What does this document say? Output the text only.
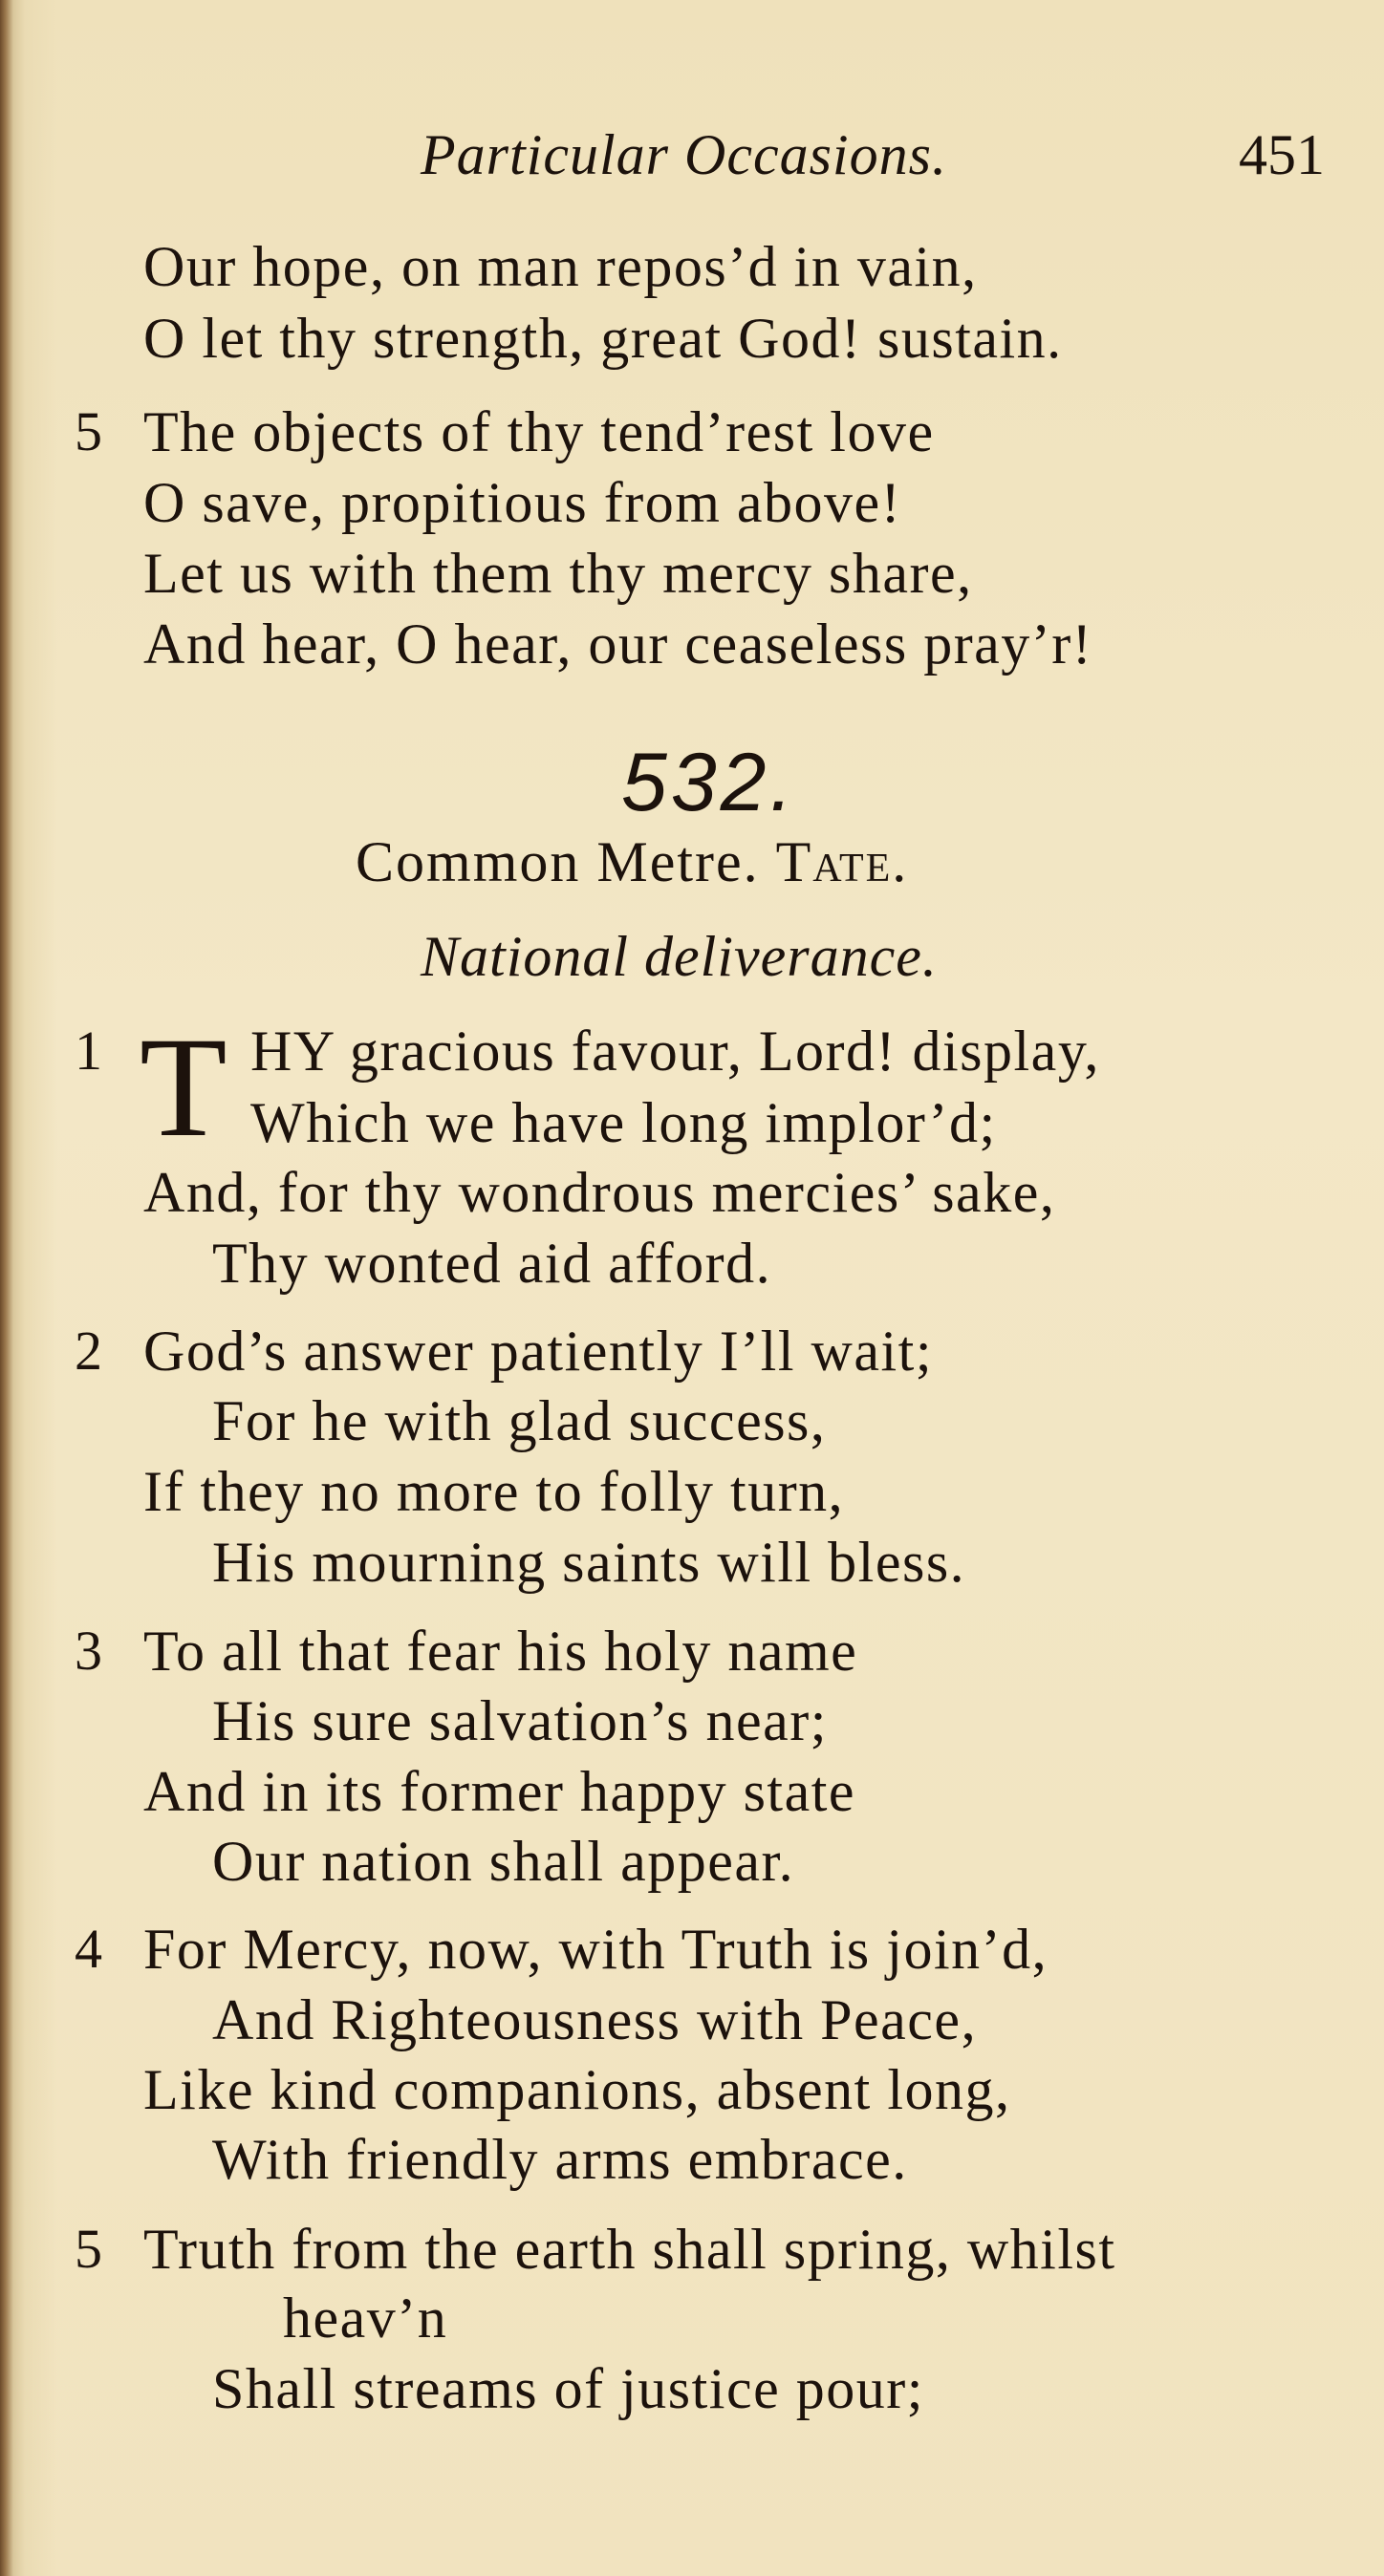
Particular Occasions.	451
Our hope, on man repos’d in vain,
O let thy strength, great God! sustain.
5 The objects of thy tend’rest love
O save, propitious from above!
Let us with them thy mercy share,
And hear, O hear, our ceaseless pray’r!
532.
Common Metre. Tate.
National deliverance.
1 T HY gracious favour, Lord! display,
Which we have long implor’d;
And, for thy wondrous mercies’ sake,
Thy wonted aid afford.
2 God’s answer patiently I’ll wait;
For he with glad success,
If they no more to folly turn,
His mourning saints will bless.
3 To all that fear his holy name
His sure salvation’s near;
And in its former happy state
Our nation shall appear.
4 For Mercy, now, with Truth is join’d,
And Righteousness with Peace,
Like kind companions, absent long,
With friendly arms embrace.
5 Truth from the earth shall spring, whilst
heav’n
Shall streams of justice pour;
